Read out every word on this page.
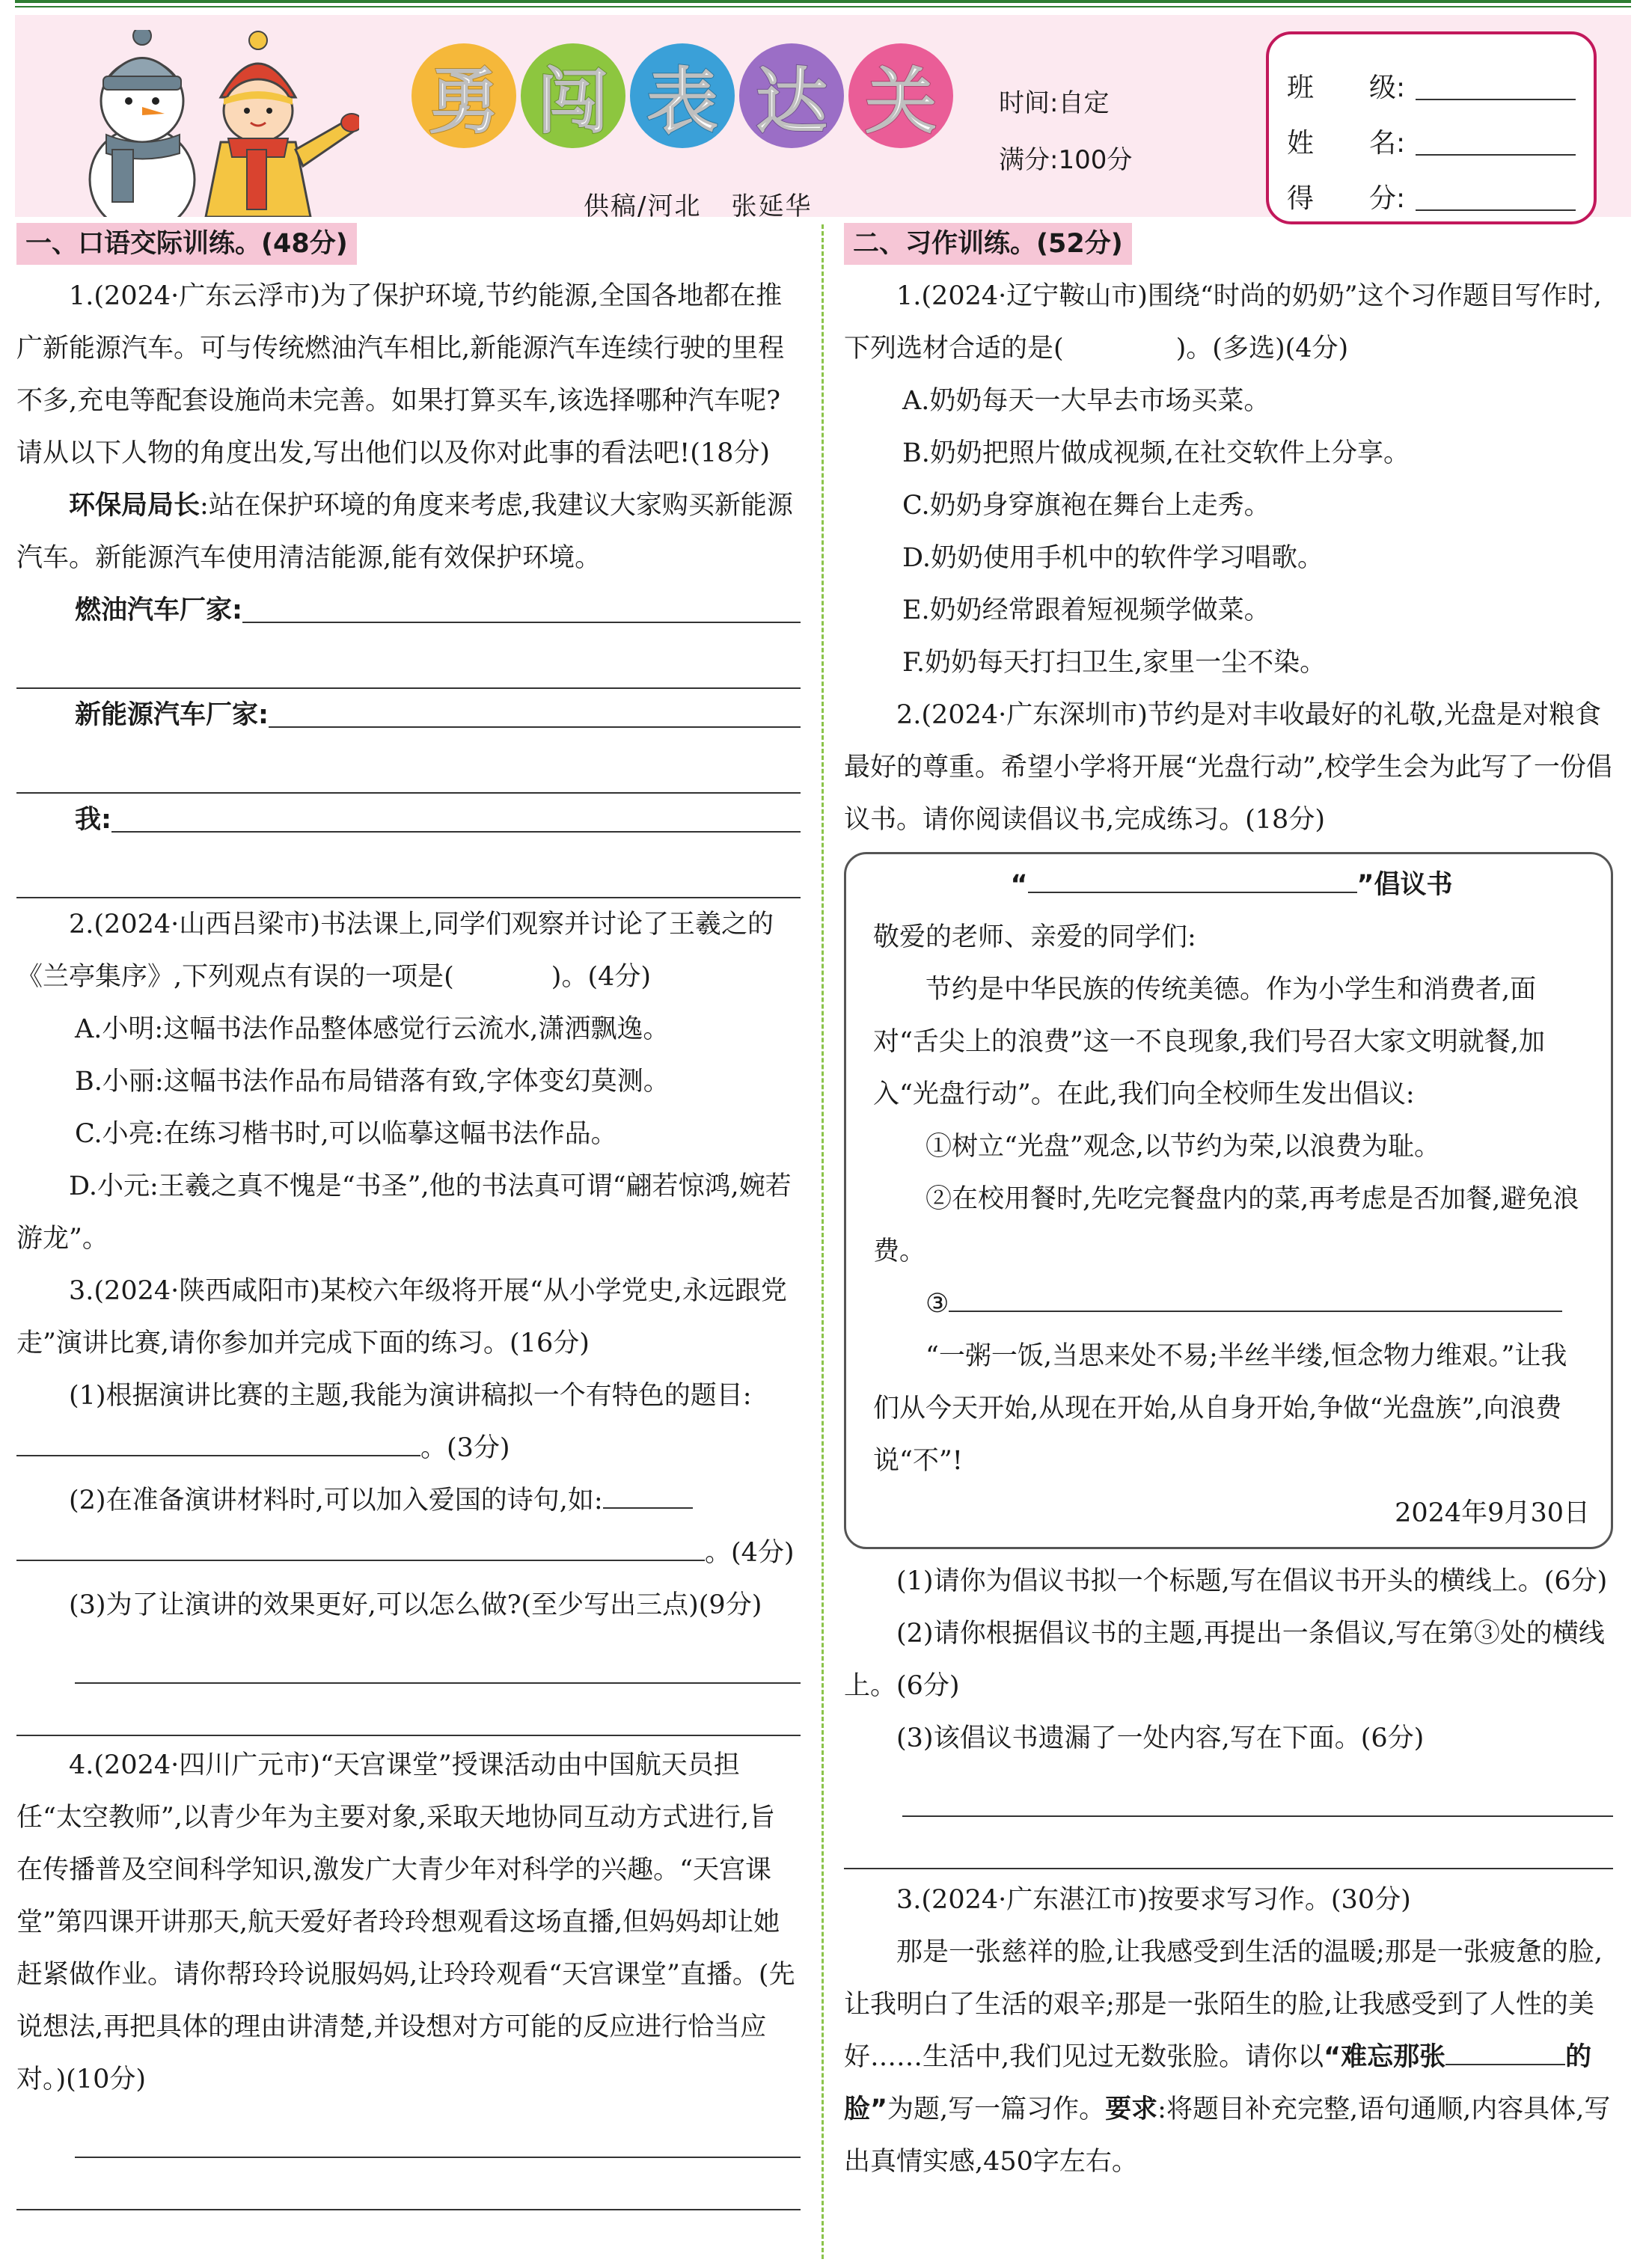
勇 闯 表 达 关
供稿/河北 张延华
时间:自定
满分:100分
班	级:
姓	名:
得	分:
一、口语交际训练。(48分)

1.(2024·广东云浮市)为了保护环境,节约能源,全国各地都在推广新能源汽车。可与传统燃油汽车相比,新能源汽车连续行驶的里程不多,充电等配套设施尚未完善。如果打算买车,该选择哪种汽车呢?请从以下人物的角度出发,写出他们以及你对此事的看法吧!(18分)

环保局局长:站在保护环境的角度来考虑,我建议大家购买新能源汽车。新能源汽车使用清洁能源,能有效保护环境。

燃油汽车厂家:
新能源汽车厂家:
我:

2.(2024·山西吕梁市)书法课上,同学们观察并讨论了王羲之的《兰亭集序》,下列观点有误的一项是(	)。(4分)

A.小明:这幅书法作品整体感觉行云流水,潇洒飘逸。

B.小丽:这幅书法作品布局错落有致,字体变幻莫测。

C.小亮:在练习楷书时,可以临摹这幅书法作品。

D.小元:王羲之真不愧是“书圣”,他的书法真可谓“翩若惊鸿,婉若游龙”。

3.(2024·陕西咸阳市)某校六年级将开展“从小学党史,永远跟党走”演讲比赛,请你参加并完成下面的练习。(16分)

(1)根据演讲比赛的主题,我能为演讲稿拟一个有特色的题目:。(3分)

(2)在准备演讲材料时,可以加入爱国的诗句,如:。(4分)

(3)为了让演讲的效果更好,可以怎么做?(至少写出三点)(9分)

4.(2024·四川广元市)“天宫课堂”授课活动由中国航天员担任“太空教师”,以青少年为主要对象,采取天地协同互动方式进行,旨在传播普及空间科学知识,激发广大青少年对科学的兴趣。“天宫课堂”第四课开讲那天,航天爱好者玲玲想观看这场直播,但妈妈却让她赶紧做作业。请你帮玲玲说服妈妈,让玲玲观看“天宫课堂”直播。(先说想法,再把具体的理由讲清楚,并设想对方可能的反应进行恰当应对。)(10分)

二、习作训练。(52分)

1.(2024·辽宁鞍山市)围绕“时尚的奶奶”这个习作题目写作时,下列选材合适的是(	)。(多选)(4分)

A.奶奶每天一大早去市场买菜。

B.奶奶把照片做成视频,在社交软件上分享。

C.奶奶身穿旗袍在舞台上走秀。

D.奶奶使用手机中的软件学习唱歌。

E.奶奶经常跟着短视频学做菜。

F.奶奶每天打扫卫生,家里一尘不染。

2.(2024·广东深圳市)节约是对丰收最好的礼敬,光盘是对粮食最好的尊重。希望小学将开展“光盘行动”,校学生会为此写了一份倡议书。请你阅读倡议书,完成练习。(18分)

“	”倡议书

敬爱的老师、亲爱的同学们:

节约是中华民族的传统美德。作为小学生和消费者,面对“舌尖上的浪费”这一不良现象,我们号召大家文明就餐,加入“光盘行动”。在此,我们向全校师生发出倡议:

①树立“光盘”观念,以节约为荣,以浪费为耻。

②在校用餐时,先吃完餐盘内的菜,再考虑是否加餐,避免浪费。

③

“一粥一饭,当思来处不易;半丝半缕,恒念物力维艰。”让我们从今天开始,从现在开始,从自身开始,争做“光盘族”,向浪费说“不”!

2024年9月30日

(1)请你为倡议书拟一个标题,写在倡议书开头的横线上。(6分)

(2)请你根据倡议书的主题,再提出一条倡议,写在第③处的横线上。(6分)

(3)该倡议书遗漏了一处内容,写在下面。(6分)

3.(2024·广东湛江市)按要求写习作。(30分)

那是一张慈祥的脸,让我感受到生活的温暖;那是一张疲惫的脸,让我明白了生活的艰辛;那是一张陌生的脸,让我感受到了人性的美好……生活中,我们见过无数张脸。请你以“难忘那张	的脸”为题,写一篇习作。要求:将题目补充完整,语句通顺,内容具体,写出真情实感,450字左右。
